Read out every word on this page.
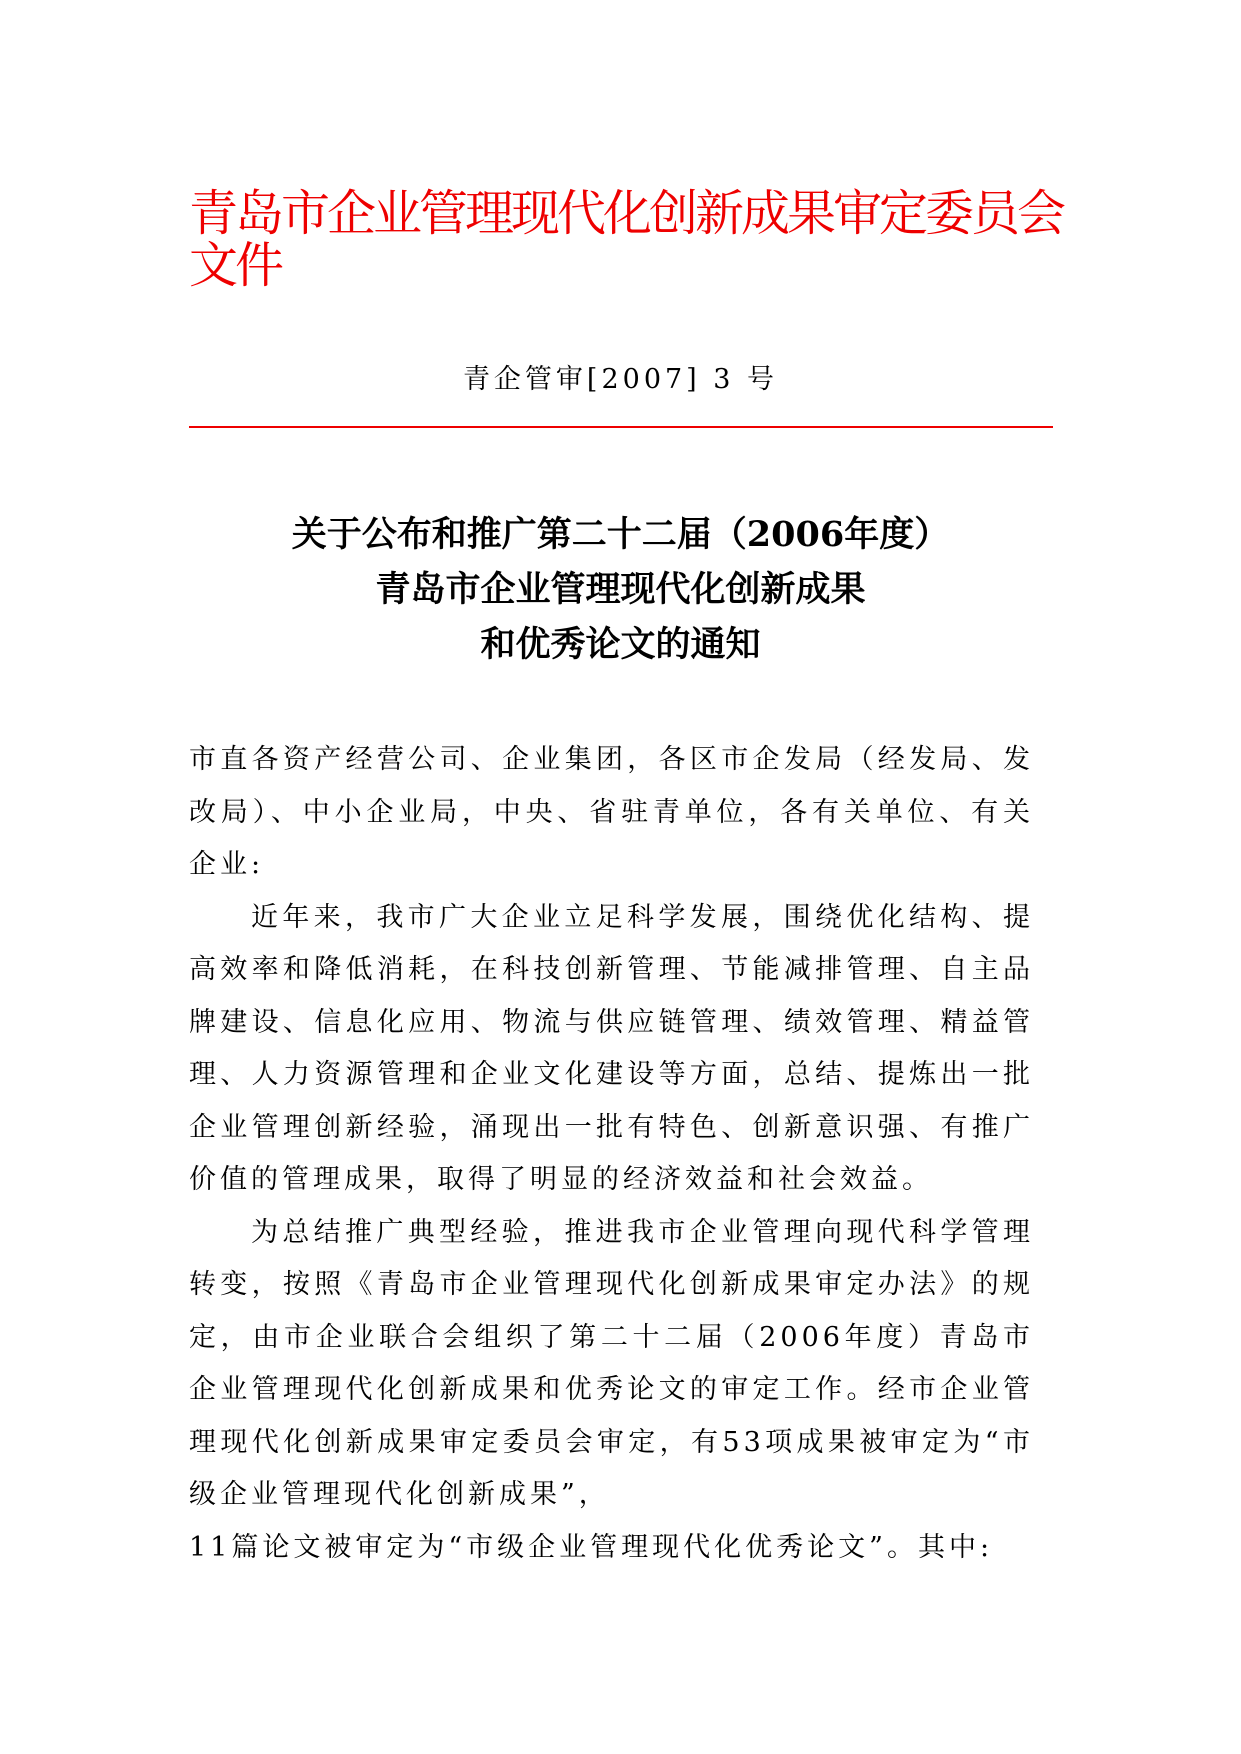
青岛市企业管理现代化创新成果审定委员会文件
青企管审[2007] 3 号
关于公布和推广第二十二届（2006年度）
青岛市企业管理现代化创新成果
和优秀论文的通知

市直各资产经营公司、企业集团，各区市企发局（经发局、发改局）、中小企业局，中央、省驻青单位，各有关单位、有关企业:

近年来，我市广大企业立足科学发展，围绕优化结构、提高效率和降低消耗，在科技创新管理、节能减排管理、自主品牌建设、信息化应用、物流与供应链管理、绩效管理、精益管理、人力资源管理和企业文化建设等方面，总结、提炼出一批企业管理创新经验，涌现出一批有特色、创新意识强、有推广价值的管理成果，取得了明显的经济效益和社会效益。

为总结推广典型经验，推进我市企业管理向现代科学管理转变，按照《青岛市企业管理现代化创新成果审定办法》的规定，由市企业联合会组织了第二十二届（2006年度）青岛市企业管理现代化创新成果和优秀论文的审定工作。经市企业管理现代化创新成果审定委员会审定，有53项成果被审定为“市级企业管理现代化创新成果”，

11篇论文被审定为“市级企业管理现代化优秀论文”。其中:
